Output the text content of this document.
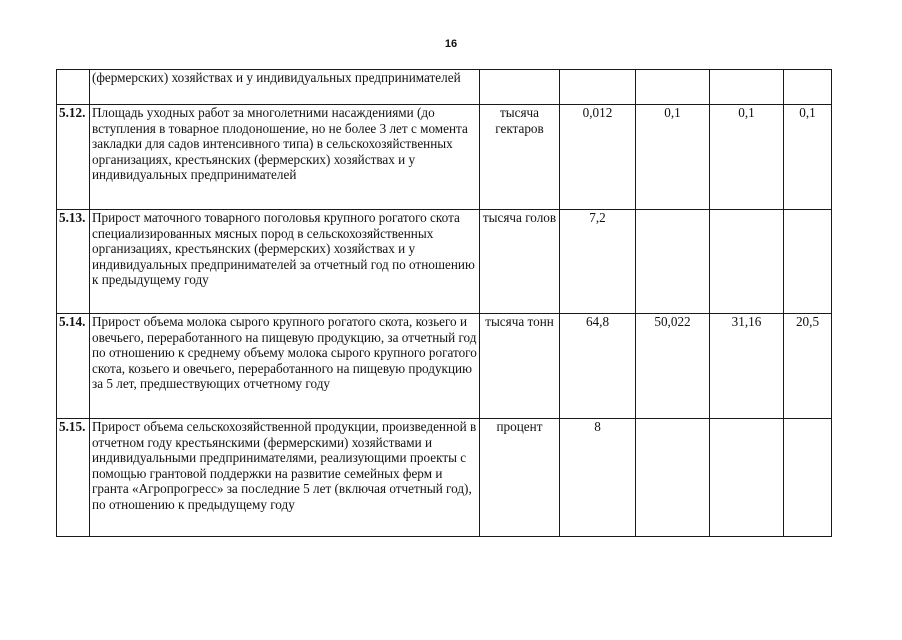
16
	(фермерских) хозяйствах и у индивидуальных предпринимателей					
5.12.	Площадь уходных работ за многолетними насаждениями (до вступления в товарное плодоношение, но не более 3 лет с момента закладки для садов интенсивного типа) в сельскохозяйственных организациях, крестьянских (фермерских) хозяйствах и у индивидуальных предпринимателей	тысяча гектаров	0,012	0,1	0,1	0,1
5.13.	Прирост маточного товарного поголовья крупного рогатого скота специализированных мясных пород в сельскохозяйственных организациях, крестьянских (фермерских) хозяйствах и у индивидуальных предпринимателей за отчетный год по отношению к предыдущему году	тысяча голов	7,2			
5.14.	Прирост объема молока сырого крупного рогатого скота, козьего и овечьего, переработанного на пищевую продукцию, за отчетный год по отношению к среднему объему молока сырого крупного рогатого скота, козьего и овечьего, переработанного на пищевую продукцию за 5 лет, предшествующих отчетному году	тысяча тонн	64,8	50,022	31,16	20,5
5.15.	Прирост объема сельскохозяйственной продукции, произведенной в отчетном году крестьянскими (фермерскими) хозяйствами и индивидуальными предпринимателями, реализующими проекты с помощью грантовой поддержки на развитие семейных ферм и гранта «Агропрогресс» за последние 5 лет (включая отчетный год), по отношению к предыдущему году	процент	8			
